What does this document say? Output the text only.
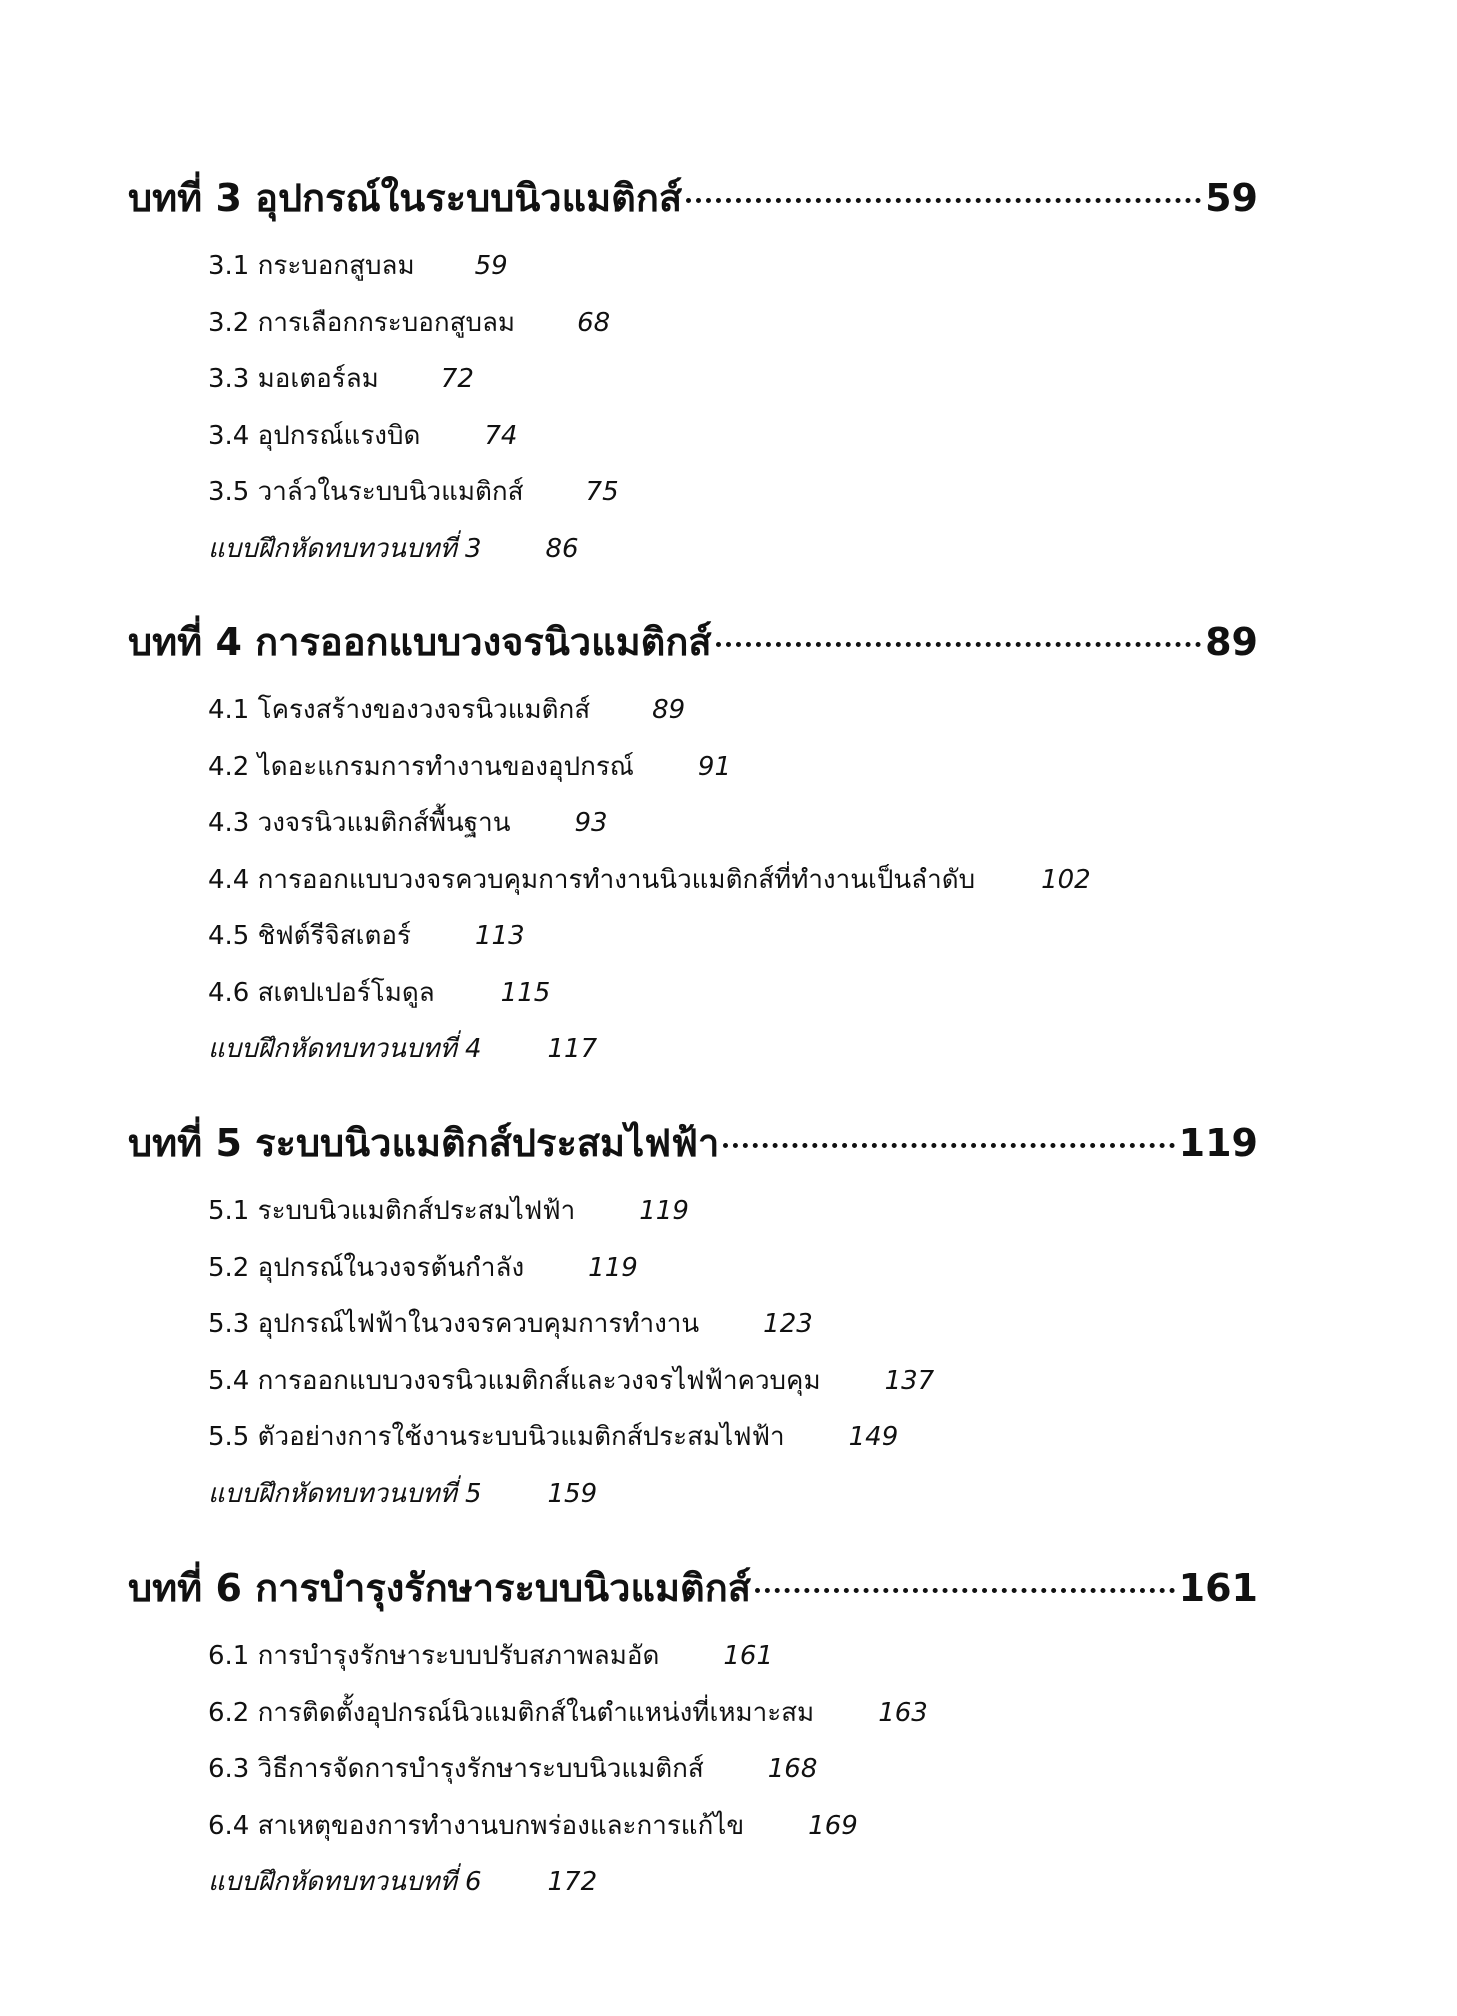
บทที่ 3 อุปกรณ์ในระบบนิวแมติกส์	59
3.1 กระบอกสูบลม 59
3.2 การเลือกกระบอกสูบลม 68
3.3 มอเตอร์ลม 72
3.4 อุปกรณ์แรงบิด 74
3.5 วาล์วในระบบนิวแมติกส์ 75
แบบฝึกหัดทบทวนบทที่ 3 86
บทที่ 4 การออกแบบวงจรนิวแมติกส์	89
4.1 โครงสร้างของวงจรนิวแมติกส์ 89
4.2 ไดอะแกรมการทำงานของอุปกรณ์ 91
4.3 วงจรนิวแมติกส์พื้นฐาน 93
4.4 การออกแบบวงจรควบคุมการทำงานนิวแมติกส์ที่ทำงานเป็นลำดับ	102
4.5 ชิฟต์รีจิสเตอร์ 113
4.6 สเตปเปอร์โมดูล	115
แบบฝึกหัดทบทวนบทที่ 4	117
บทที่ 5 ระบบนิวแมติกส์ประสมไฟฟ้า	119
5.1 ระบบนิวแมติกส์ประสมไฟฟ้า 119
5.2 อุปกรณ์ในวงจรต้นกำลัง 119
5.3 อุปกรณ์ไฟฟ้าในวงจรควบคุมการทำงาน 123
5.4 การออกแบบวงจรนิวแมติกส์และวงจรไฟฟ้าควบคุม 137
5.5 ตัวอย่างการใช้งานระบบนิวแมติกส์ประสมไฟฟ้า 149
แบบฝึกหัดทบทวนบทที่ 5	159
บทที่ 6 การบำรุงรักษาระบบนิวแมติกส์	161
6.1 การบำรุงรักษาระบบปรับสภาพลมอัด 161
6.2 การติดตั้งอุปกรณ์นิวแมติกส์ในตำแหน่งที่เหมาะสม 163
6.3 วิธีการจัดการบำรุงรักษาระบบนิวแมติกส์ 168
6.4 สาเหตุของการทำงานบกพร่องและการแก้ไข 169
แบบฝึกหัดทบทวนบทที่ 6	172
